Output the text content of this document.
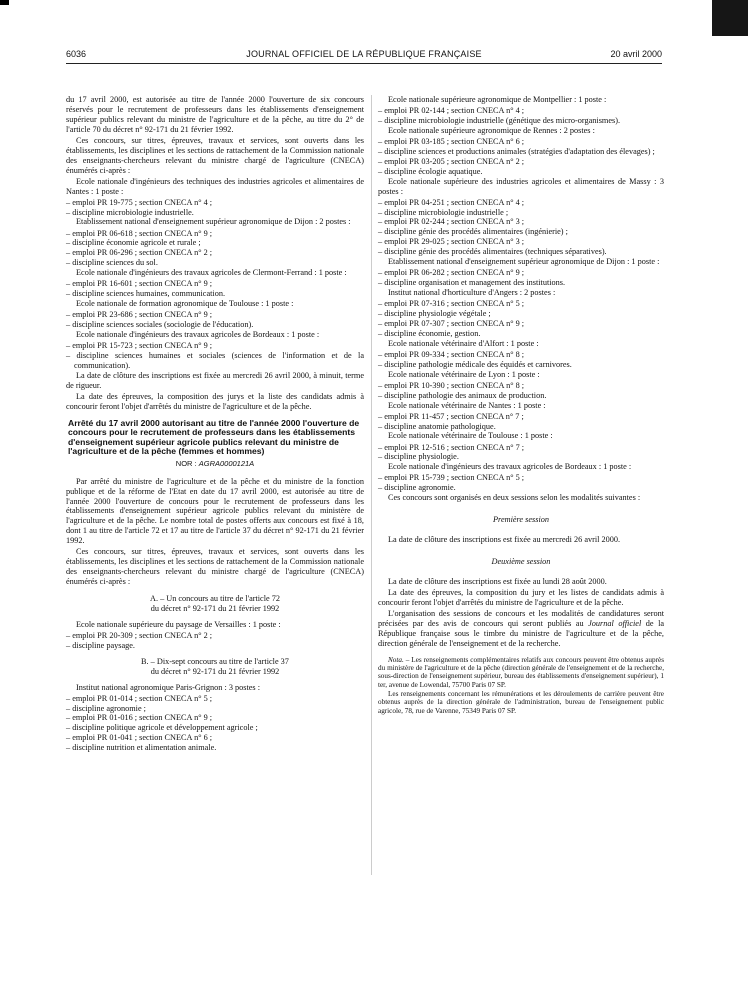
6036	JOURNAL OFFICIEL DE LA RÉPUBLIQUE FRANÇAISE	20 avril 2000

du 17 avril 2000, est autorisée au titre de l'année 2000 l'ouverture de six concours réservés pour le recrutement de professeurs dans les établissements d'enseignement supérieur publics relevant du ministre de l'agriculture et de la pêche, au titre du 2° de l'article 70 du décret n° 92-171 du 21 février 1992.

Ces concours, sur titres, épreuves, travaux et services, sont ouverts dans les établissements, les disciplines et les sections de rattachement de la Commission nationale des enseignants-chercheurs relevant du ministre chargé de l'agriculture (CNECA) énumérés ci-après :

Ecole nationale d'ingénieurs des techniques des industries agricoles et alimentaires de Nantes : 1 poste :

– emploi PR 19-775 ; section CNECA n° 4 ;

– discipline microbiologie industrielle.

Etablissement national d'enseignement supérieur agronomique de Dijon : 2 postes :

– emploi PR 06-618 ; section CNECA n° 9 ;

– discipline économie agricole et rurale ;

– emploi PR 06-296 ; section CNECA n° 2 ;

– discipline sciences du sol.

Ecole nationale d'ingénieurs des travaux agricoles de Clermont-Ferrand : 1 poste :

– emploi PR 16-601 ; section CNECA n° 9 ;

– discipline sciences humaines, communication.

Ecole nationale de formation agronomique de Toulouse : 1 poste :

– emploi PR 23-686 ; section CNECA n° 9 ;

– discipline sciences sociales (sociologie de l'éducation).

Ecole nationale d'ingénieurs des travaux agricoles de Bordeaux : 1 poste :

– emploi PR 15-723 ; section CNECA n° 9 ;

– discipline sciences humaines et sociales (sciences de l'information et de la communication).

La date de clôture des inscriptions est fixée au mercredi 26 avril 2000, à minuit, terme de rigueur.

La date des épreuves, la composition des jurys et la liste des candidats admis à concourir feront l'objet d'arrêtés du ministre de l'agriculture et de la pêche.

Arrêté du 17 avril 2000 autorisant au titre de l'année 2000 l'ouverture de concours pour le recrutement de professeurs dans les établissements d'enseignement supérieur agricole publics relevant du ministre de l'agriculture et de la pêche (femmes et hommes)

NOR : AGRA0000121A

Par arrêté du ministre de l'agriculture et de la pêche et du ministre de la fonction publique et de la réforme de l'Etat en date du 17 avril 2000, est autorisée au titre de l'année 2000 l'ouverture de concours pour le recrutement de professeurs dans les établissements d'enseignement supérieur agricole publics relevant du ministère de l'agriculture et de la pêche. Le nombre total de postes offerts aux concours est fixé à 18, dont 1 au titre de l'article 72 et 17 au titre de l'article 37 du décret n° 92-171 du 21 février 1992.

Ces concours, sur titres, épreuves, travaux et services, sont ouverts dans les établissements, les disciplines et les sections de rattachement de la Commission nationale des enseignants-chercheurs relevant du ministre chargé de l'agriculture (CNECA) énumérés ci-après :

A. – Un concours au titre de l'article 72

du décret n° 92-171 du 21 février 1992

Ecole nationale supérieure du paysage de Versailles : 1 poste :

– emploi PR 20-309 ; section CNECA n° 2 ;

– discipline paysage.

B. – Dix-sept concours au titre de l'article 37

du décret n° 92-171 du 21 février 1992

Institut national agronomique Paris-Grignon : 3 postes :

– emploi PR 01-014 ; section CNECA n° 5 ;

– discipline agronomie ;

– emploi PR 01-016 ; section CNECA n° 9 ;

– discipline politique agricole et développement agricole ;

– emploi PR 01-041 ; section CNECA n° 6 ;

– discipline nutrition et alimentation animale.

Ecole nationale supérieure agronomique de Montpellier : 1 poste :

– emploi PR 02-144 ; section CNECA n° 4 ;

– discipline microbiologie industrielle (génétique des micro-organismes).

Ecole nationale supérieure agronomique de Rennes : 2 postes :

– emploi PR 03-185 ; section CNECA n° 6 ;

– discipline sciences et productions animales (stratégies d'adaptation des élevages) ;

– emploi PR 03-205 ; section CNECA n° 2 ;

– discipline écologie aquatique.

Ecole nationale supérieure des industries agricoles et alimentaires de Massy : 3 postes :

– emploi PR 04-251 ; section CNECA n° 4 ;

– discipline microbiologie industrielle ;

– emploi PR 02-244 ; section CNECA n° 3 ;

– discipline génie des procédés alimentaires (ingénierie) ;

– emploi PR 29-025 ; section CNECA n° 3 ;

– discipline génie des procédés alimentaires (techniques séparatives).

Etablissement national d'enseignement supérieur agronomique de Dijon : 1 poste :

– emploi PR 06-282 ; section CNECA n° 9 ;

– discipline organisation et management des institutions.

Institut national d'horticulture d'Angers : 2 postes :

– emploi PR 07-316 ; section CNECA n° 5 ;

– discipline physiologie végétale ;

– emploi PR 07-307 ; section CNECA n° 9 ;

– discipline économie, gestion.

Ecole nationale vétérinaire d'Alfort : 1 poste :

– emploi PR 09-334 ; section CNECA n° 8 ;

– discipline pathologie médicale des équidés et carnivores.

Ecole nationale vétérinaire de Lyon : 1 poste :

– emploi PR 10-390 ; section CNECA n° 8 ;

– discipline pathologie des animaux de production.

Ecole nationale vétérinaire de Nantes : 1 poste :

– emploi PR 11-457 ; section CNECA n° 7 ;

– discipline anatomie pathologique.

Ecole nationale vétérinaire de Toulouse : 1 poste :

– emploi PR 12-516 ; section CNECA n° 7 ;

– discipline physiologie.

Ecole nationale d'ingénieurs des travaux agricoles de Bordeaux : 1 poste :

– emploi PR 15-739 ; section CNECA n° 5 ;

– discipline agronomie.

Ces concours sont organisés en deux sessions selon les modalités suivantes :

Première session

La date de clôture des inscriptions est fixée au mercredi 26 avril 2000.

Deuxième session

La date de clôture des inscriptions est fixée au lundi 28 août 2000.

La date des épreuves, la composition du jury et les listes de candidats admis à concourir feront l'objet d'arrêtés du ministre de l'agriculture et de la pêche.

L'organisation des sessions de concours et les modalités de candidatures seront précisées par des avis de concours qui seront publiés au Journal officiel de la République française sous le timbre du ministre de l'agriculture et de la pêche, direction générale de l'enseignement et de la recherche.

Nota. – Les renseignements complémentaires relatifs aux concours peuvent être obtenus auprès du ministère de l'agriculture et de la pêche (direction générale de l'enseignement et de la recherche, sous-direction de l'enseignement supérieur, bureau des établissements d'enseignement supérieur), 1 ter, avenue de Lowendal, 75700 Paris 07 SP.

Les renseignements concernant les rémunérations et les déroulements de carrière peuvent être obtenus auprès de la direction générale de l'administration, bureau de l'enseignement public agricole, 78, rue de Varenne, 75349 Paris 07 SP.
